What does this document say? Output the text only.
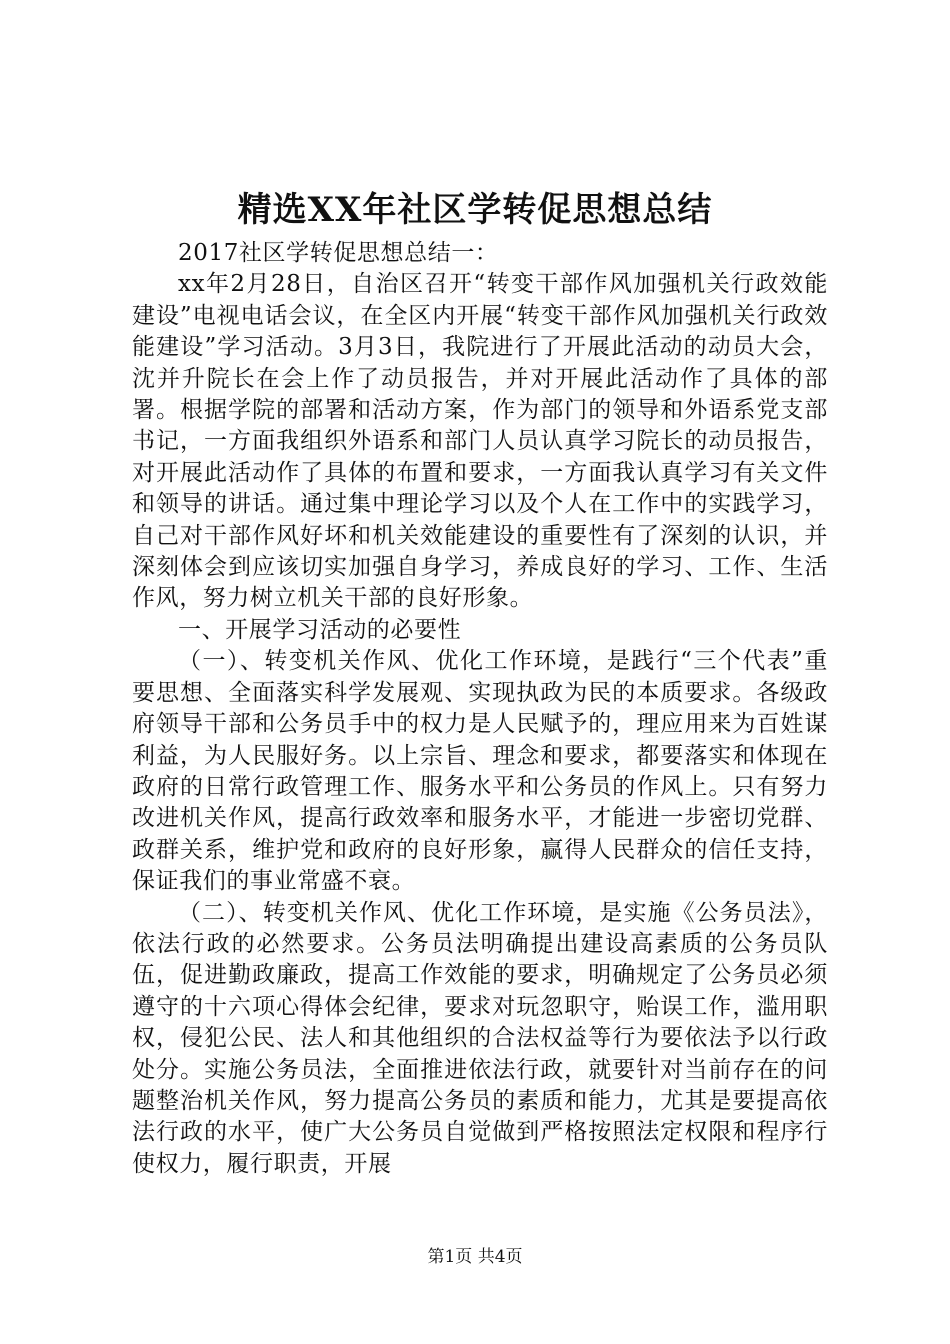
精选XX年社区学转促思想总结

2017社区学转促思想总结一：

xx年2月28日，自治区召开“转变干部作风加强机关行政效能建设”电视电话会议，在全区内开展“转变干部作风加强机关行政效能建设”学习活动。3月3日，我院进行了开展此活动的动员大会，沈并升院长在会上作了动员报告，并对开展此活动作了具体的部署。根据学院的部署和活动方案，作为部门的领导和外语系党支部书记，一方面我组织外语系和部门人员认真学习院长的动员报告，对开展此活动作了具体的布置和要求，一方面我认真学习有关文件和领导的讲话。通过集中理论学习以及个人在工作中的实践学习，自己对干部作风好坏和机关效能建设的重要性有了深刻的认识，并深刻体会到应该切实加强自身学习，养成良好的学习、工作、生活作风，努力树立机关干部的良好形象。

一、开展学习活动的必要性

（一）、转变机关作风、优化工作环境，是践行“三个代表”重要思想、全面落实科学发展观、实现执政为民的本质要求。各级政府领导干部和公务员手中的权力是人民赋予的，理应用来为百姓谋利益，为人民服好务。以上宗旨、理念和要求，都要落实和体现在政府的日常行政管理工作、服务水平和公务员的作风上。只有努力改进机关作风，提高行政效率和服务水平，才能进一步密切党群、政群关系，维护党和政府的良好形象，赢得人民群众的信任支持，保证我们的事业常盛不衰。

（二）、转变机关作风、优化工作环境，是实施《公务员法》，依法行政的必然要求。公务员法明确提出建设高素质的公务员队伍，促进勤政廉政，提高工作效能的要求，明确规定了公务员必须遵守的十六项心得体会纪律，要求对玩忽职守，贻误工作，滥用职权，侵犯公民、法人和其他组织的合法权益等行为要依法予以行政处分。实施公务员法，全面推进依法行政，就要针对当前存在的问题整治机关作风，努力提高公务员的素质和能力，尤其是要提高依法行政的水平，使广大公务员自觉做到严格按照法定权限和程序行使权力，履行职责，开展

第1页 共4页
